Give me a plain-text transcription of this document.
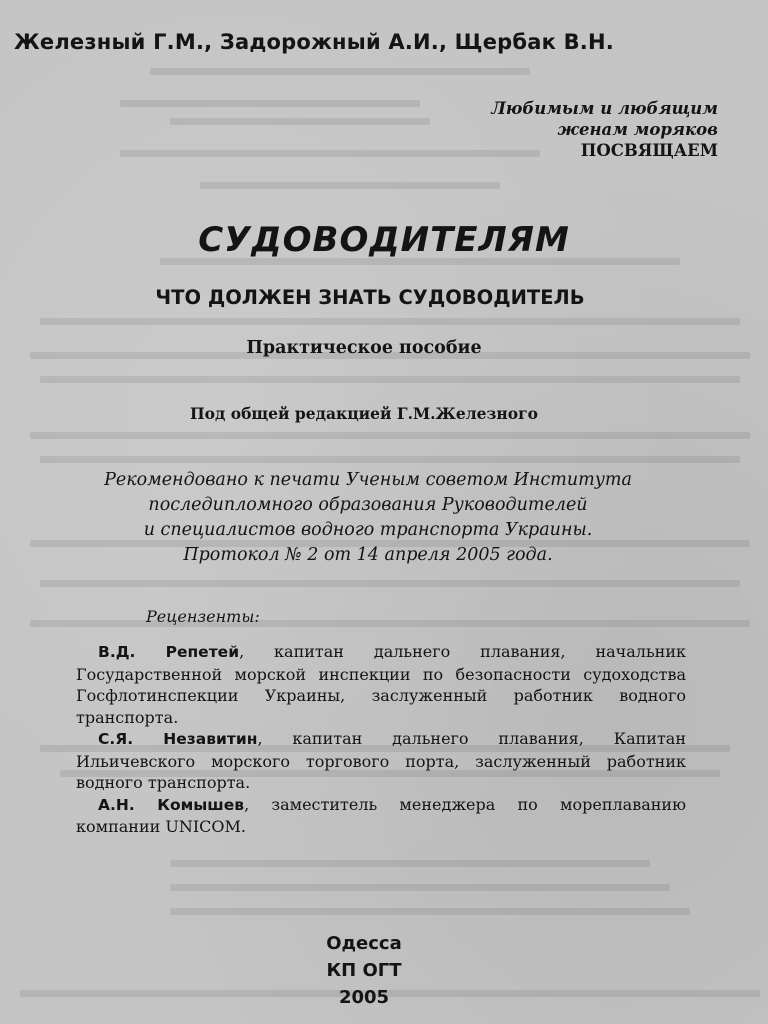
Железный Г.М., Задорожный А.И., Щербак В.Н.
Любимым и любящим
женам моряков
ПОСВЯЩАЕМ
СУДОВОДИТЕЛЯМ
ЧТО ДОЛЖЕН ЗНАТЬ СУДОВОДИТЕЛЬ
Практическое пособие
Под общей редакцией Г.М.Железного
Рекомендовано к печати Ученым советом Института
последипломного образования Руководителей
и специалистов водного транспорта Украины.
Протокол № 2 от 14 апреля 2005 года.
Рецензенты:

В.Д. Репетей, капитан дальнего плавания, начальник Государственной морской инспекции по безопасности судоходства Госфлотинспекции Украины, заслуженный работник водного транспорта.

С.Я. Незавитин, капитан дальнего плавания, Капитан Ильичевского морского торгового порта, заслуженный работник водного транспорта.

А.Н. Комышев, заместитель менеджера по мореплаванию компании UNICOM.

Одесса
КП ОГТ
2005
